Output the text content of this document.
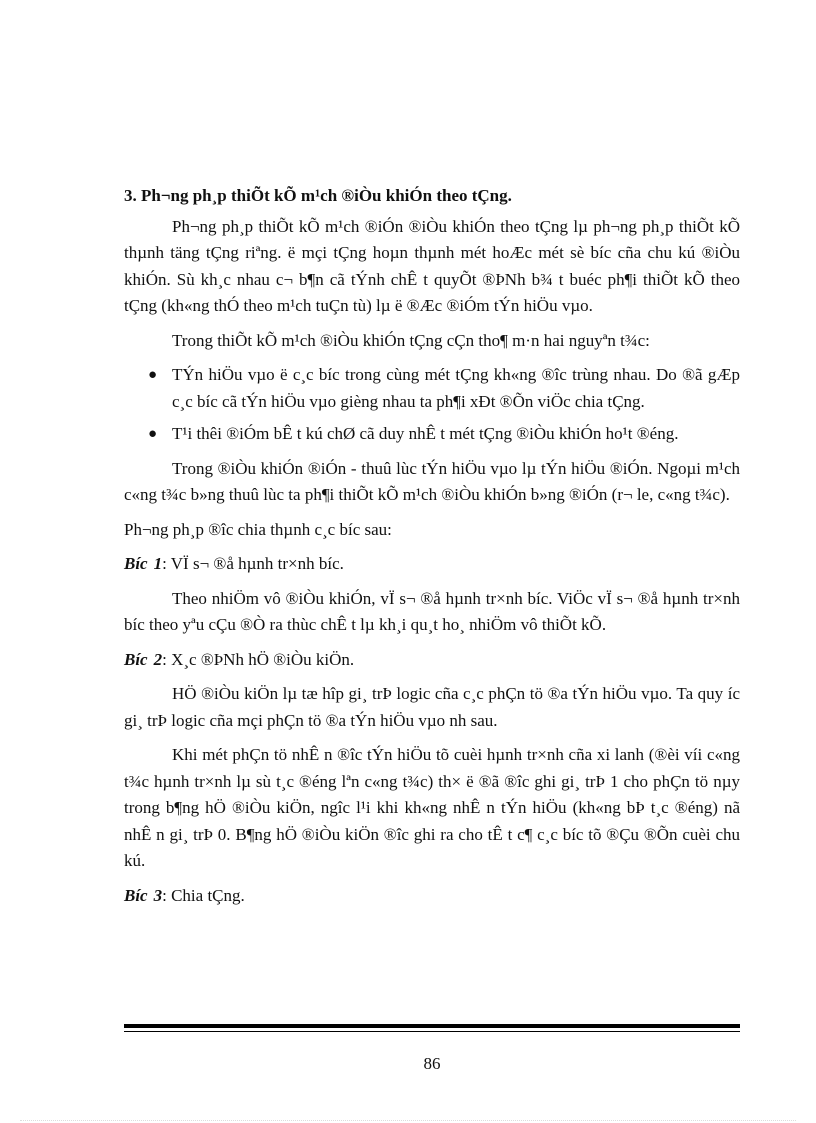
3. Ph¬ng ph¸p thiÕt kÕ m¹ch ®iÒu khiÓn theo tÇng.

Ph¬ng ph¸p thiÕt kÕ m¹ch ®iÓn ®iÒu khiÓn theo tÇng lµ ph¬ng ph¸p thiÕt kÕ thµnh täng tÇng riªng. ë mçi tÇng hoµn thµnh mét hoÆc mét sè bíc cña chu kú ®iÒu khiÓn. Sù kh¸c nhau c¬ b¶n cã tÝnh chÊ t quyÕt ®ÞNh b¾ t buéc ph¶i thiÕt kÕ theo tÇng (kh«ng thÓ theo m¹ch tuÇn tù) lµ ë ®Æc ®iÓm tÝn hiÖu vµo.

Trong thiÕt kÕ m¹ch ®iÒu khiÓn tÇng cÇn tho¶ m·n hai nguyªn t¾c:

● TÝn hiÖu vµo ë c¸c bíc trong cùng mét tÇng kh«ng ®îc trùng nhau. Do ®ã gÆp c¸c bíc cã tÝn hiÖu vµo gièng nhau ta ph¶i xÐt ®Õn viÖc chia tÇng.
● T¹i thêi ®iÓm bÊ t kú chØ cã duy nhÊ t mét tÇng ®iÒu khiÓn ho¹t ®éng.

Trong ®iÒu khiÓn ®iÓn - thuû lùc tÝn hiÖu vµo lµ tÝn hiÖu ®iÓn. Ngoµi m¹ch c«ng t¾c b»ng thuû lùc ta ph¶i thiÕt kÕ m¹ch ®iÒu khiÓn b»ng ®iÓn (r¬ le, c«ng t¾c).

Ph¬ng ph¸p ®îc chia thµnh c¸c bíc sau:

Bíc 1: VÏ s¬ ®å hµnh tr×nh bíc.

Theo nhiÖm vô ®iÒu khiÓn, vÏ s¬ ®å hµnh tr×nh bíc. ViÖc vÏ s¬ ®å hµnh tr×nh bíc theo yªu cÇu ®Ò ra thùc chÊ t lµ kh¸i qu¸t ho¸ nhiÖm vô thiÕt kÕ.

Bíc 2: X¸c ®ÞNh hÖ ®iÒu kiÖn.

HÖ ®iÒu kiÖn lµ tæ hîp gi¸ trÞ logic cña c¸c phÇn tö ®a tÝn hiÖu vµo. Ta quy íc gi¸ trÞ logic cña mçi phÇn tö ®a tÝn hiÖu vµo nh sau.

Khi mét phÇn tö nhÊ n ®îc tÝn hiÖu tõ cuèi hµnh tr×nh cña xi lanh (®èi víi c«ng t¾c hµnh tr×nh lµ sù t¸c ®éng lªn c«ng t¾c) th× ë ®ã ®îc ghi gi¸ trÞ 1 cho phÇn tö nµy trong b¶ng hÖ ®iÒu kiÖn, ngîc l¹i khi kh«ng nhÊ n tÝn hiÖu (kh«ng bÞ t¸c ®éng) nã nhÊ n gi¸ trÞ 0. B¶ng hÖ ®iÒu kiÖn ®îc ghi ra cho tÊ t c¶ c¸c bíc tõ ®Çu ®Õn cuèi chu kú.

Bíc 3: Chia tÇng.

86
